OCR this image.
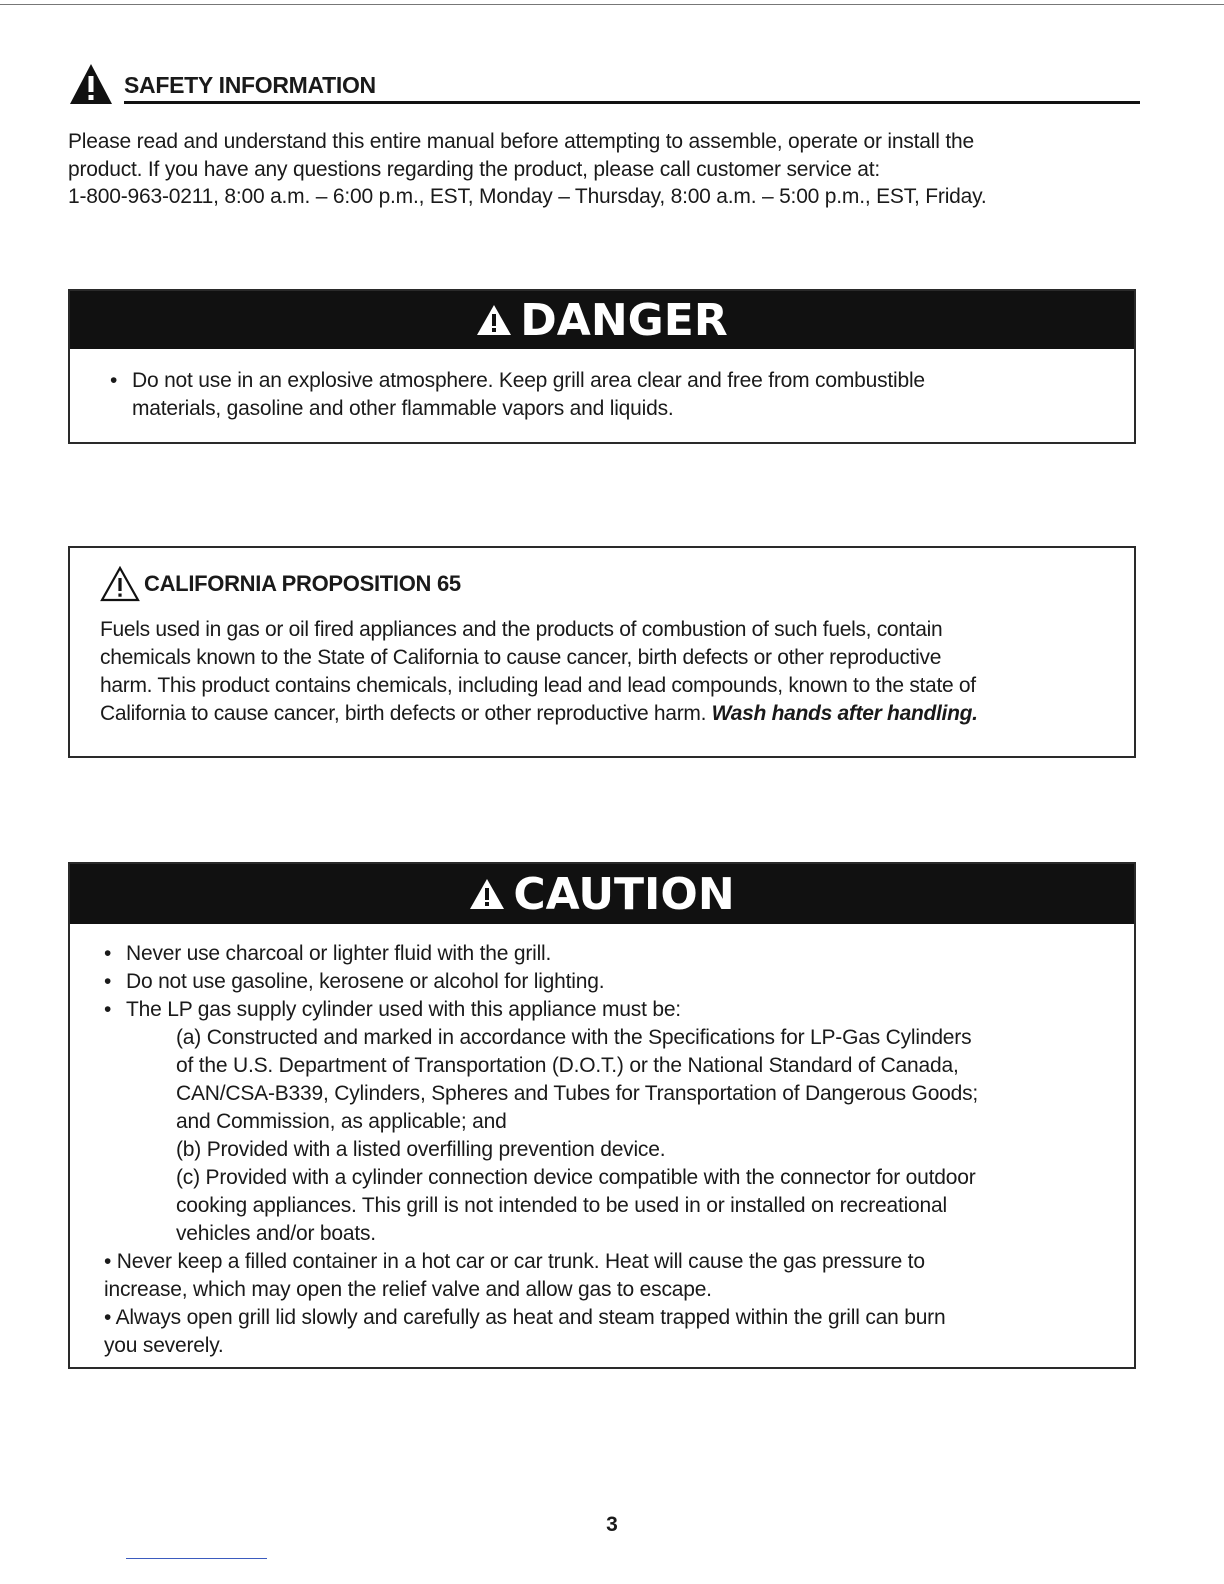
SAFETY INFORMATION

Please read and understand this entire manual before attempting to assemble, operate or install the

product. If you have any questions regarding the product, please call customer service at:

1-800-963-0211, 8:00 a.m. – 6:00 p.m., EST, Monday – Thursday, 8:00 a.m. – 5:00 p.m., EST, Friday.

DANGER
• Do not use in an explosive atmosphere. Keep grill area clear and free from combustible
materials, gasoline and other flammable vapors and liquids.
CALIFORNIA PROPOSITION 65
Fuels used in gas or oil fired appliances and the products of combustion of such fuels, contain
chemicals known to the State of California to cause cancer, birth defects or other reproductive
harm. This product contains chemicals, including lead and lead compounds, known to the state of
California to cause cancer, birth defects or other reproductive harm. Wash hands after handling.
CAUTION
• Never use charcoal or lighter fluid with the grill.
• Do not use gasoline, kerosene or alcohol for lighting.
• The LP gas supply cylinder used with this appliance must be:
(a) Constructed and marked in accordance with the Specifications for LP-Gas Cylinders
of the U.S. Department of Transportation (D.O.T.) or the National Standard of Canada,
CAN/CSA-B339, Cylinders, Spheres and Tubes for Transportation of Dangerous Goods;
and Commission, as applicable; and
(b) Provided with a listed overfilling prevention device.
(c) Provided with a cylinder connection device compatible with the connector for outdoor
cooking appliances. This grill is not intended to be used in or installed on recreational
vehicles and/or boats.
• Never keep a filled container in a hot car or car trunk. Heat will cause the gas pressure to
increase, which may open the relief valve and allow gas to escape.
• Always open grill lid slowly and carefully as heat and steam trapped within the grill can burn
you severely.
3
